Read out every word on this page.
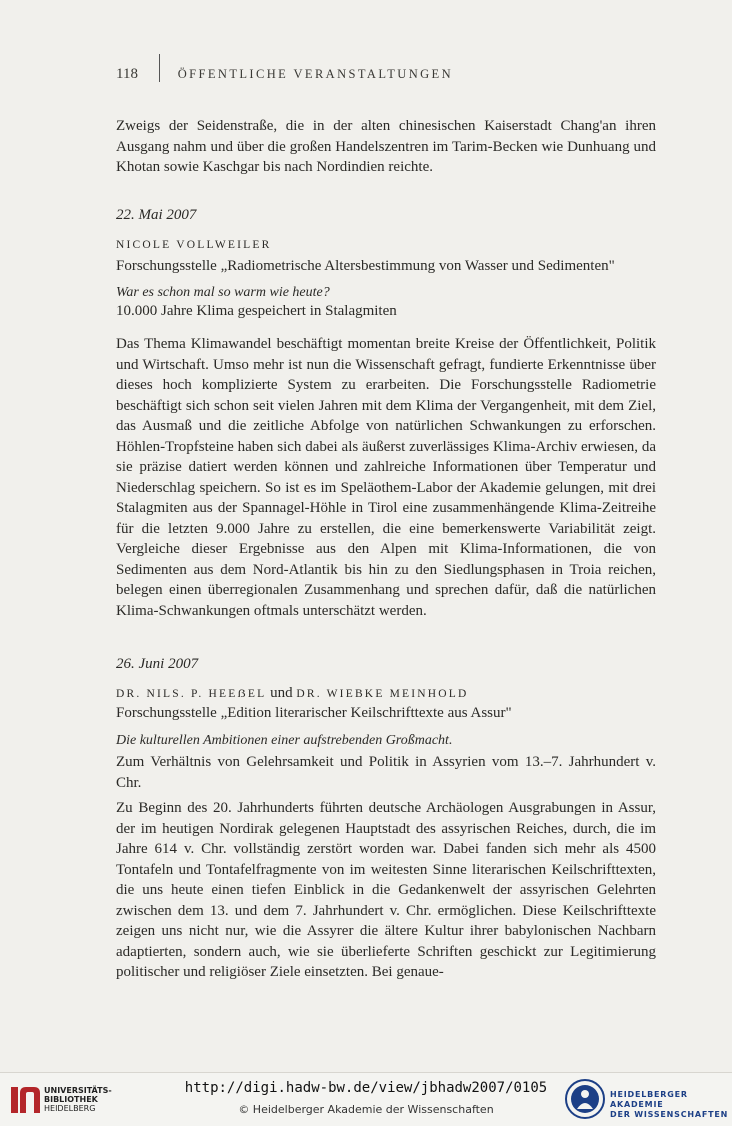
118	ÖFFENTLICHE VERANSTALTUNGEN
Zweigs der Seidenstraße, die in der alten chinesischen Kaiserstadt Chang'an ihren Ausgang nahm und über die großen Handelszentren im Tarim-Becken wie Dunhuang und Khotan sowie Kaschgar bis nach Nordindien reichte.
22. Mai 2007
NICOLE VOLLWEILER
Forschungsstelle „Radiometrische Altersbestimmung von Wasser und Sedimenten"
War es schon mal so warm wie heute?
10.000 Jahre Klima gespeichert in Stalagmiten
Das Thema Klimawandel beschäftigt momentan breite Kreise der Öffentlichkeit, Politik und Wirtschaft. Umso mehr ist nun die Wissenschaft gefragt, fundierte Erkenntnisse über dieses hoch komplizierte System zu erarbeiten. Die Forschungsstelle Radiometrie beschäftigt sich schon seit vielen Jahren mit dem Klima der Vergangenheit, mit dem Ziel, das Ausmaß und die zeitliche Abfolge von natürlichen Schwankungen zu erforschen. Höhlen-Tropfsteine haben sich dabei als äußerst zuverlässiges Klima-Archiv erwiesen, da sie präzise datiert werden können und zahlreiche Informationen über Temperatur und Niederschlag speichern. So ist es im Speläothem-Labor der Akademie gelungen, mit drei Stalagmiten aus der Spannagel-Höhle in Tirol eine zusammenhängende Klima-Zeitreihe für die letzten 9.000 Jahre zu erstellen, die eine bemerkenswerte Variabilität zeigt. Vergleiche dieser Ergebnisse aus den Alpen mit Klima-Informationen, die von Sedimenten aus dem Nord-Atlantik bis hin zu den Siedlungsphasen in Troia reichen, belegen einen überregionalen Zusammenhang und sprechen dafür, daß die natürlichen Klima-Schwankungen oftmals unterschätzt werden.
26. Juni 2007
DR. NILS. P. HEEẞEL und DR. WIEBKE MEINHOLD
Forschungsstelle „Edition literarischer Keilschrifttexte aus Assur"
Die kulturellen Ambitionen einer aufstrebenden Großmacht.
Zum Verhältnis von Gelehrsamkeit und Politik in Assyrien vom 13.–7. Jahrhundert v. Chr.
Zu Beginn des 20. Jahrhunderts führten deutsche Archäologen Ausgrabungen in Assur, der im heutigen Nordirak gelegenen Hauptstadt des assyrischen Reiches, durch, die im Jahre 614 v. Chr. vollständig zerstört worden war. Dabei fanden sich mehr als 4500 Tontafeln und Tontafelfragmente von im weitesten Sinne literarischen Keilschrifttexten, die uns heute einen tiefen Einblick in die Gedankenwelt der assyrischen Gelehrten zwischen dem 13. und dem 7. Jahrhundert v. Chr. ermöglichen. Diese Keilschrifttexte zeigen uns nicht nur, wie die Assyrer die ältere Kultur ihrer babylonischen Nachbarn adaptierten, sondern auch, wie sie überlieferte Schriften geschickt zur Legitimierung politischer und religiöser Ziele einsetzten. Bei genaue-
UNIVERSITÄTS-
BIBLIOTHEK
HEIDELBERG
http://digi.hadw-bw.de/view/jbhadw2007/0105
© Heidelberger Akademie der Wissenschaften
HEIDELBERGER AKADEMIE
DER WISSENSCHAFTEN
